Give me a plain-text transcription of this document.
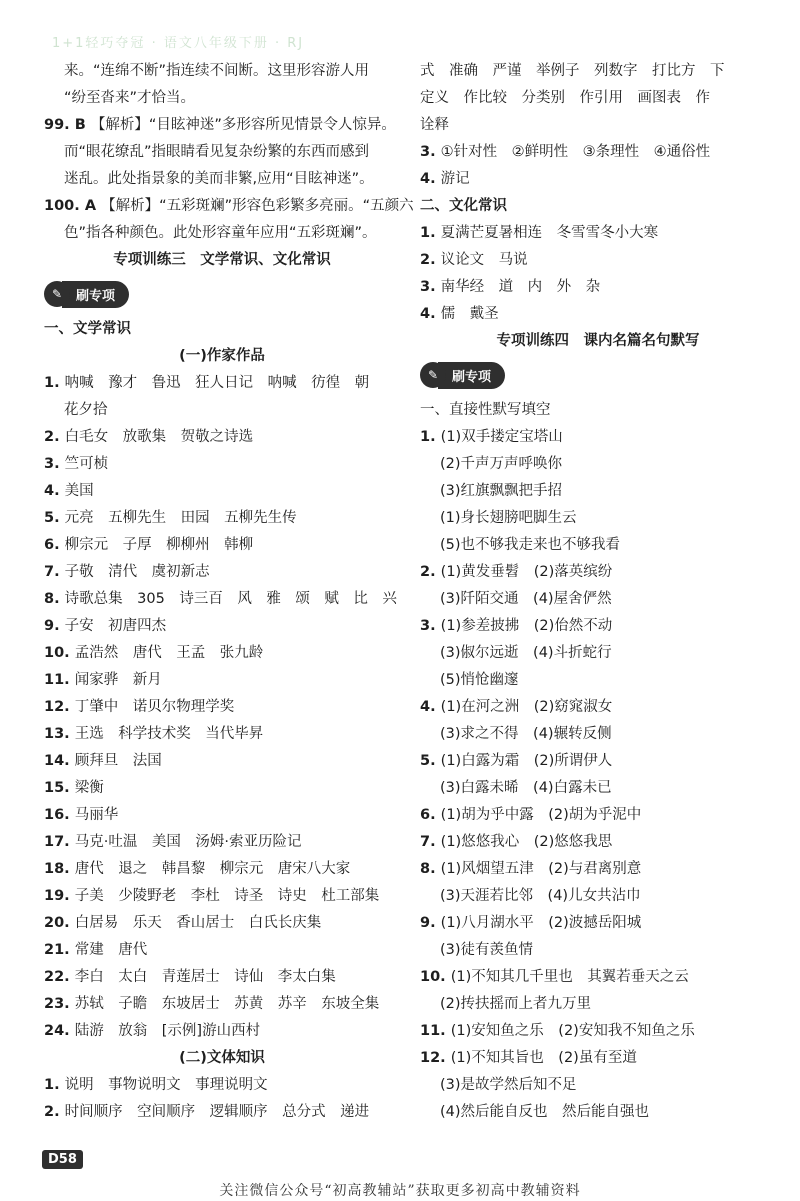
1+1轻巧夺冠 · 语文八年级下册 · RJ
来。“连绵不断”指连续不间断。这里形容游人用
“纷至沓来”才恰当。
99. B 【解析】“目眩神迷”多形容所见情景令人惊异。
而“眼花缭乱”指眼睛看见复杂纷繁的东西而感到
迷乱。此处指景象的美而非繁,应用“目眩神迷”。
100. A 【解析】“五彩斑斓”形容色彩繁多亮丽。“五颜六
色”指各种颜色。此处形容童年应用“五彩斑斓”。
专项训练三　文学常识、文化常识
✎	刷专项
一、文学常识
(一)作家作品
1. 呐喊　豫才　鲁迅　狂人日记　呐喊　彷徨　朝
花夕拾
2. 白毛女　放歌集　贺敬之诗选
3. 竺可桢
4. 美国
5. 元亮　五柳先生　田园　五柳先生传
6. 柳宗元　子厚　柳柳州　韩柳
7. 子敬　清代　虞初新志
8. 诗歌总集　305　诗三百　风　雅　颂　赋　比　兴
9. 子安　初唐四杰
10. 孟浩然　唐代　王孟　张九龄
11. 闻家骅　新月
12. 丁肇中　诺贝尔物理学奖
13. 王选　科学技术奖　当代毕昇
14. 顾拜旦　法国
15. 梁衡
16. 马丽华
17. 马克·吐温　美国　汤姆·索亚历险记
18. 唐代　退之　韩昌黎　柳宗元　唐宋八大家
19. 子美　少陵野老　李杜　诗圣　诗史　杜工部集
20. 白居易　乐天　香山居士　白氏长庆集
21. 常建　唐代
22. 李白　太白　青莲居士　诗仙　李太白集
23. 苏轼　子瞻　东坡居士　苏黄　苏辛　东坡全集
24. 陆游　放翁　[示例]游山西村
(二)文体知识
1. 说明　事物说明文　事理说明文
2. 时间顺序　空间顺序　逻辑顺序　总分式　递进
式　准确　严谨　举例子　列数字　打比方　下
定义　作比较　分类别　作引用　画图表　作
诠释
3. ①针对性　②鲜明性　③条理性　④通俗性
4. 游记
二、文化常识
1. 夏满芒夏暑相连　冬雪雪冬小大寒
2. 议论文　马说
3. 南华经　道　内　外　杂
4. 儒　戴圣
专项训练四　课内名篇名句默写
✎	刷专项
一、直接性默写填空
1. (1)双手搂定宝塔山
(2)千声万声呼唤你
(3)红旗飘飘把手招
(1)身长翅膀吧脚生云
(5)也不够我走来也不够我看
2. (1)黄发垂髫　(2)落英缤纷
(3)阡陌交通　(4)屋舍俨然
3. (1)参差披拂　(2)佁然不动
(3)俶尔远逝　(4)斗折蛇行
(5)悄怆幽邃
4. (1)在河之洲　(2)窈窕淑女
(3)求之不得　(4)辗转反侧
5. (1)白露为霜　(2)所谓伊人
(3)白露未晞　(4)白露未已
6. (1)胡为乎中露　(2)胡为乎泥中
7. (1)悠悠我心　(2)悠悠我思
8. (1)风烟望五津　(2)与君离别意
(3)天涯若比邻　(4)儿女共沾巾
9. (1)八月湖水平　(2)波撼岳阳城
(3)徒有羡鱼情
10. (1)不知其几千里也　其翼若垂天之云
(2)抟扶摇而上者九万里
11. (1)安知鱼之乐　(2)安知我不知鱼之乐
12. (1)不知其旨也　(2)虽有至道
(3)是故学然后知不足
(4)然后能自反也　然后能自强也
D58
关注微信公众号“初高教辅站”获取更多初高中教辅资料
